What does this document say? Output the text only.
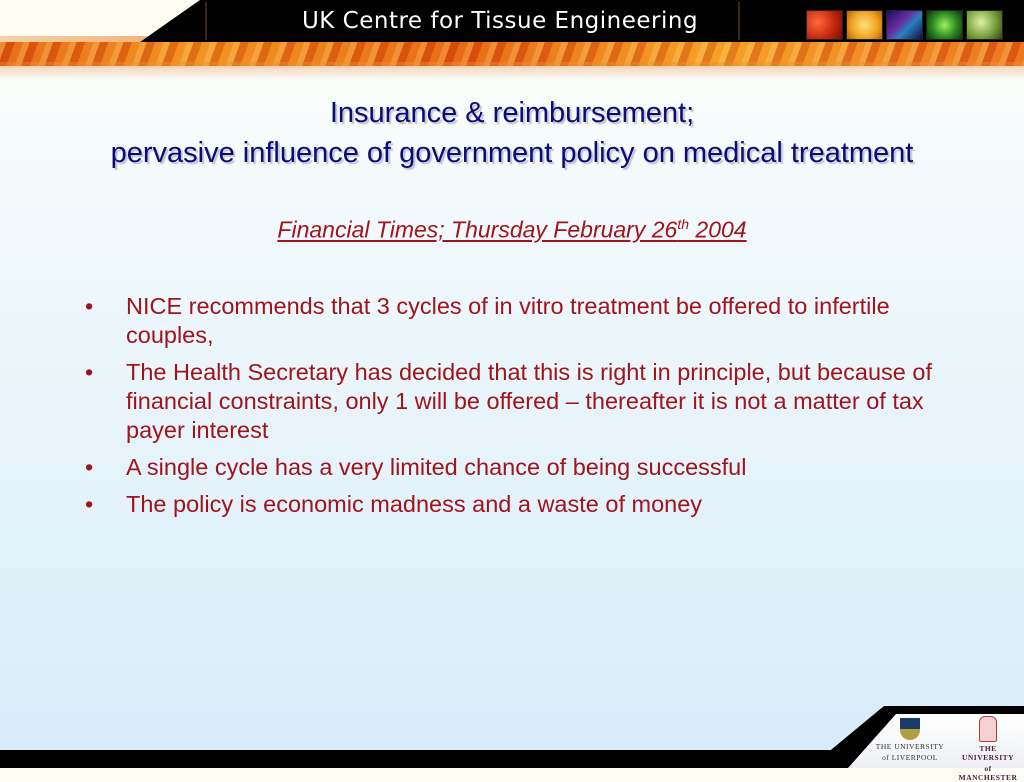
UK Centre for Tissue Engineering
Insurance & reimbursement;
pervasive influence of government policy on medical treatment
Financial Times; Thursday February 26th 2004
• NICE recommends that 3 cycles of in vitro treatment be offered to infertile couples,
• The Health Secretary has decided that this is right in principle, but because of financial constraints, only 1 will be offered – thereafter it is not a matter of tax payer interest
• A single cycle has a very limited chance of being successful
• The policy is economic madness and a waste of money
THE UNIVERSITY
of LIVERPOOL
THE UNIVERSITY
of MANCHESTER
